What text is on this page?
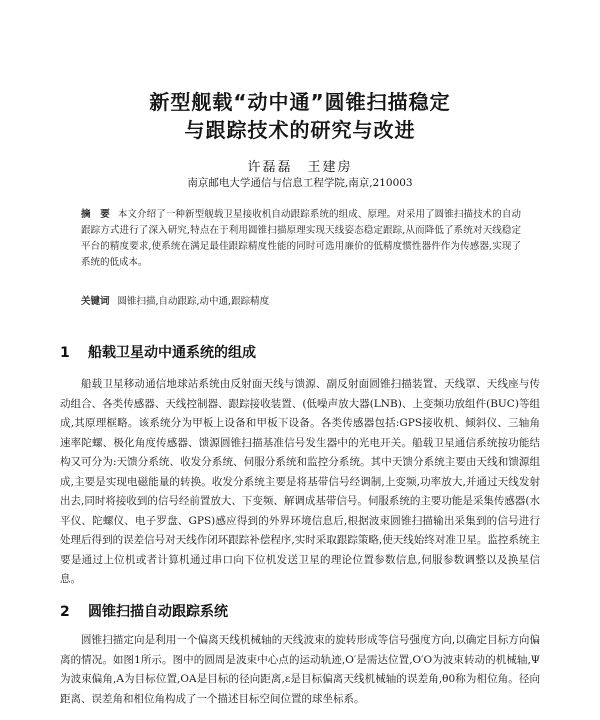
新型舰载“动中通”圆锥扫描稳定
与跟踪技术的研究与改进
许磊磊　王建房
南京邮电大学通信与信息工程学院,南京,210003
摘　要 本文介绍了一种新型舰载卫星接收机自动跟踪系统的组成、原理。对采用了圆锥扫描技术的自动跟踪方式进行了深入研究,特点在于利用圆锥扫描原理实现天线姿态稳定跟踪,从而降低了系统对天线稳定平台的精度要求,使系统在满足最佳跟踪精度性能的同时可选用廉价的低精度惯性器件作为传感器,实现了系统的低成本。
关键词 圆锥扫描,自动跟踪,动中通,跟踪精度
1 船载卫星动中通系统的组成
船载卫星移动通信地球站系统由反射面天线与馈源、副反射面圆锥扫描装置、天线罩、天线座与传动组合、各类传感器、天线控制器、跟踪接收装置、(低噪声放大器(LNB)、上变频功放组件(BUC)等组成,其原理框略。该系统分为甲板上设备和甲板下设备。各类传感器包括:GPS接收机、倾斜仪、三轴角速率陀螺、极化角度传感器、馈源圆锥扫描基准信号发生器中的光电开关。船载卫星通信系统按功能结构又可分为:天馈分系统、收发分系统、伺服分系统和监控分系统。其中天馈分系统主要由天线和馈源组成,主要是实现电磁能量的转换。收发分系统主要是将基带信号经调制,上变频,功率放大,并通过天线发射出去,同时将接收到的信号经前置放大、下变频、解调成基带信号。伺服系统的主要功能是采集传感器(水平仪、陀螺仪、电子罗盘、GPS)感应得到的外界环境信息后,根据波束圆锥扫描输出采集到的信号进行处理后得到的误差信号对天线作闭环跟踪补偿程序,实时采取跟踪策略,使天线始终对准卫星。监控系统主要是通过上位机或者计算机通过串口向下位机发送卫星的理论位置参数信息,伺服参数调整以及换星信息。
2 圆锥扫描自动跟踪系统
圆锥扫描定向是利用一个偏离天线机械轴的天线波束的旋转形成等信号强度方向,以确定目标方向偏离的情况。如图1所示。图中的圆周是波束中心点的运动轨迹,O′是需达位置,O′O为波束转动的机械轴,Ψ为波束偏角,A为目标位置,OA是目标的径向距离,ε是目标偏离天线机械轴的误差角,θ0称为相位角。径向距离、误差角和相位角构成了一个描述目标空间位置的球坐标系。
